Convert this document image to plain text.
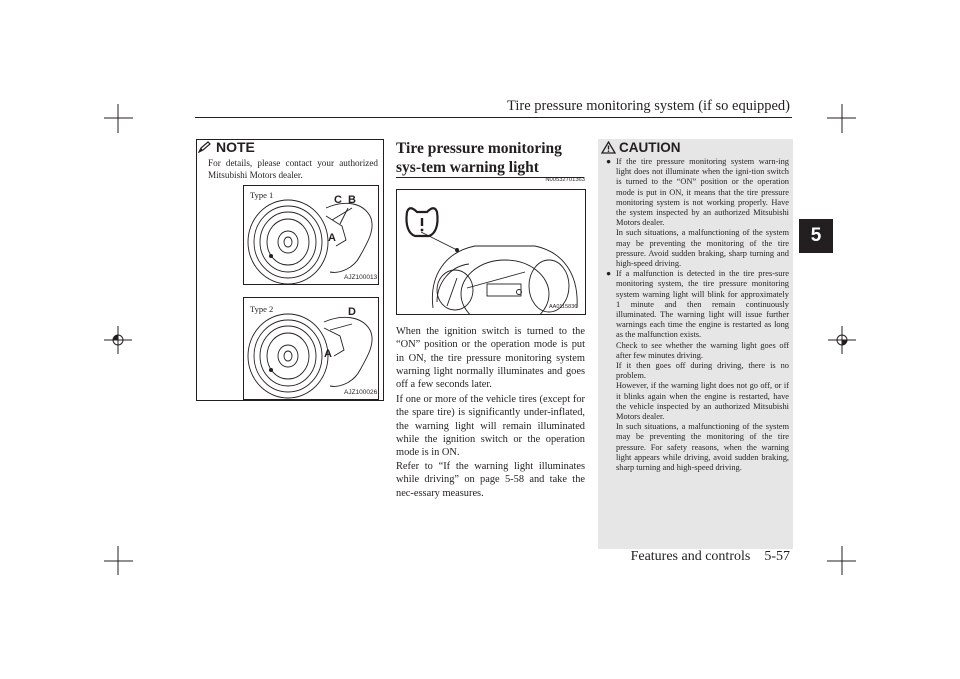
Tire pressure monitoring system (if so equipped)
5
NOTE
For details, please contact your authorized Mitsubishi Motors dealer.
Type 1	C B
A
AJZ100013
Type 2	D
A
AJZ100026
Tire pressure monitoring sys-tem warning light
N00532701363
AA0115836

When the ignition switch is turned to the “ON” position or the operation mode is put in ON, the tire pressure monitoring system warning light normally illuminates and goes off a few seconds later.

If one or more of the vehicle tires (except for the spare tire) is significantly under-inflated, the warning light will remain illuminated while the ignition switch or the operation mode is in ON.

Refer to “If the warning light illuminates while driving” on page 5-58 and take the nec-essary measures.

CAUTION
● If the tire pressure monitoring system warn-ing light does not illuminate when the igni-tion switch is turned to the “ON” position or the operation mode is put in ON, it means that the tire pressure monitoring system is not working properly. Have the system inspected by an authorized Mitsubishi Motors dealer.

In such situations, a malfunctioning of the system may be preventing the monitoring of the tire pressure. Avoid sudden braking, sharp turning and high-speed driving.

● If a malfunction is detected in the tire pres-sure monitoring system, the tire pressure monitoring system warning light will blink for approximately 1 minute and then remain continuously illuminated. The warning light will issue further warnings each time the engine is restarted as long as the malfunction exists.

Check to see whether the warning light goes off after few minutes driving.

If it then goes off during driving, there is no problem.

However, if the warning light does not go off, or if it blinks again when the engine is restarted, have the vehicle inspected by an authorized Mitsubishi Motors dealer.

In such situations, a malfunctioning of the system may be preventing the monitoring of the tire pressure. For safety reasons, when the warning light appears while driving, avoid sudden braking, sharp turning and high-speed driving.

Features and controls 5-57
